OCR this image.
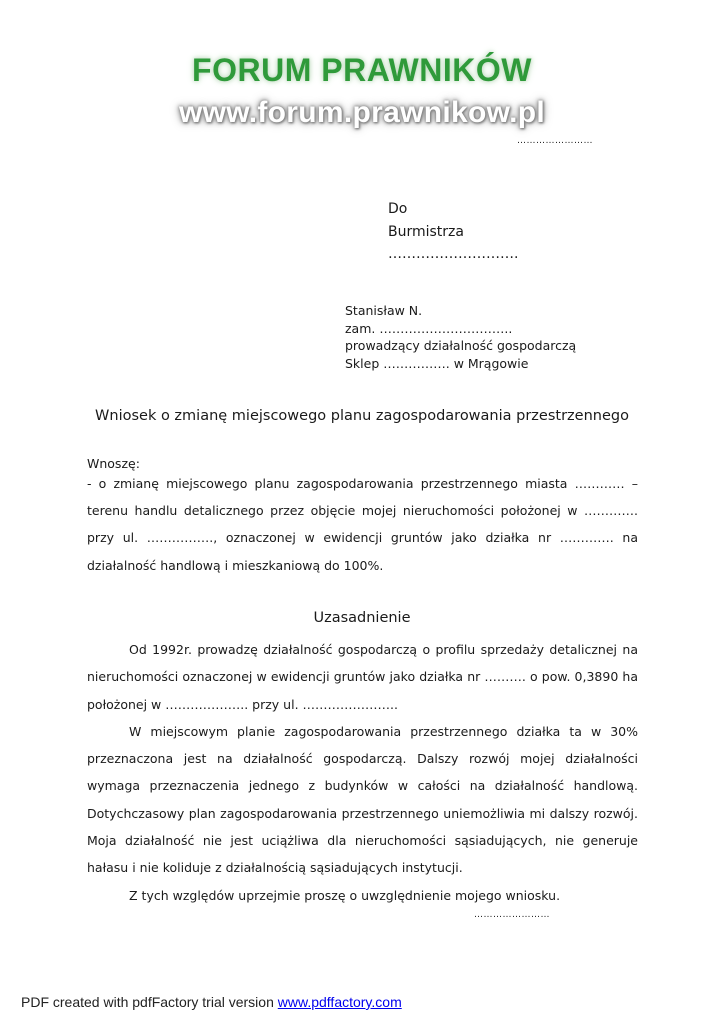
FORUM PRAWNIKÓW
www.forum.prawnikow.pl
……………………
Do
Burmistrza
……………………….
Stanisław N.
zam. …………………………..
prowadzący działalność gospodarczą
Sklep ……………. w Mrągowie
Wniosek o zmianę miejscowego planu zagospodarowania przestrzennego
Wnoszę:
- o zmianę miejscowego planu zagospodarowania przestrzennego miasta ………… – terenu handlu detalicznego przez objęcie mojej nieruchomości położonej w …………. przy ul. ……………., oznaczonej w ewidencji gruntów jako działka nr …………. na działalność handlową i mieszkaniową do 100%.
Uzasadnienie

Od 1992r. prowadzę działalność gospodarczą o profilu sprzedaży detalicznej na nieruchomości oznaczonej w ewidencji gruntów jako działka nr ………. o pow. 0,3890 ha położonej w ……………….. przy ul. …………………..

W miejscowym planie zagospodarowania przestrzennego działka ta w 30% przeznaczona jest na działalność gospodarczą. Dalszy rozwój mojej działalności wymaga przeznaczenia jednego z budynków w całości na działalność handlową. Dotychczasowy plan zagospodarowania przestrzennego uniemożliwia mi dalszy rozwój. Moja działalność nie jest uciążliwa dla nieruchomości sąsiadujących, nie generuje hałasu i nie koliduje z działalnością sąsiadujących instytucji.

Z tych względów uprzejmie proszę o uwzględnienie mojego wniosku.

……………………
PDF created with pdfFactory trial version www.pdffactory.com
